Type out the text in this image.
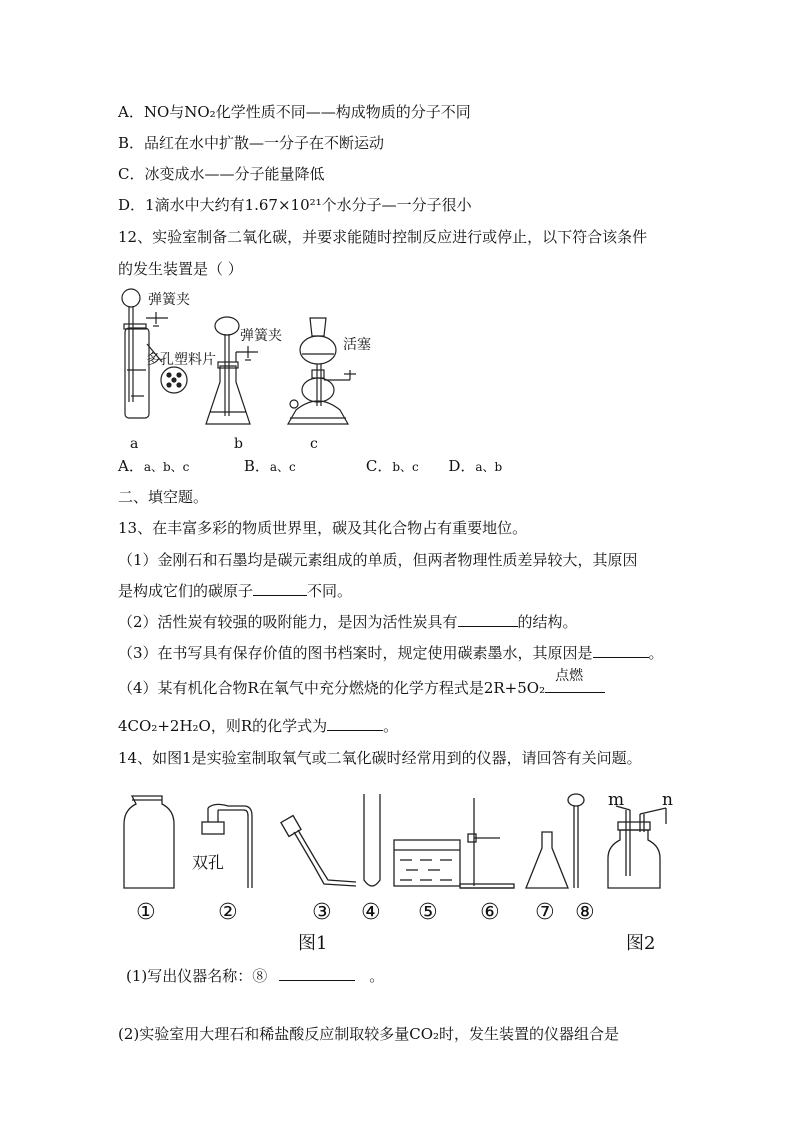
A．NO与NO₂化学性质不同——构成物质的分子不同
B．品红在水中扩散—一分子在不断运动
C．冰变成水——分子能量降低
D．1滴水中大约有1.67×10²¹个水分子—一分子很小
12、实验室制备二氧化碳，并要求能随时控制反应进行或停止，以下符合该条件
的发生装置是（ ）
弹簧夹
多孔塑料片
弹簧夹
活塞
a	b	c
A．a、b、c	B．a、c	C．b、c D．a、b
二、填空题。
13、在丰富多彩的物质世界里，碳及其化合物占有重要地位。
（1）金刚石和石墨均是碳元素组成的单质，但两者物理性质差异较大，其原因
是构成它们的碳原子	不同。
（2）活性炭有较强的吸附能力，是因为活性炭具有	的结构。
（3）在书写具有保存价值的图书档案时，规定使用碳素墨水，其原因是	。
（4）某有机化合物R在氧气中充分燃烧的化学方程式是2R+5O₂
点燃
4CO₂+2H₂O，则R的化学式为	。
14、如图1是实验室制取氧气或二氧化碳时经常用到的仪器，请回答有关问题。
双孔
m n
①	②	③ ④ ⑤ ⑥ ⑦ ⑧
图1	图2
(1)写出仪器名称：⑧	。
(2)实验室用大理石和稀盐酸反应制取较多量CO₂时，发生装置的仪器组合是
